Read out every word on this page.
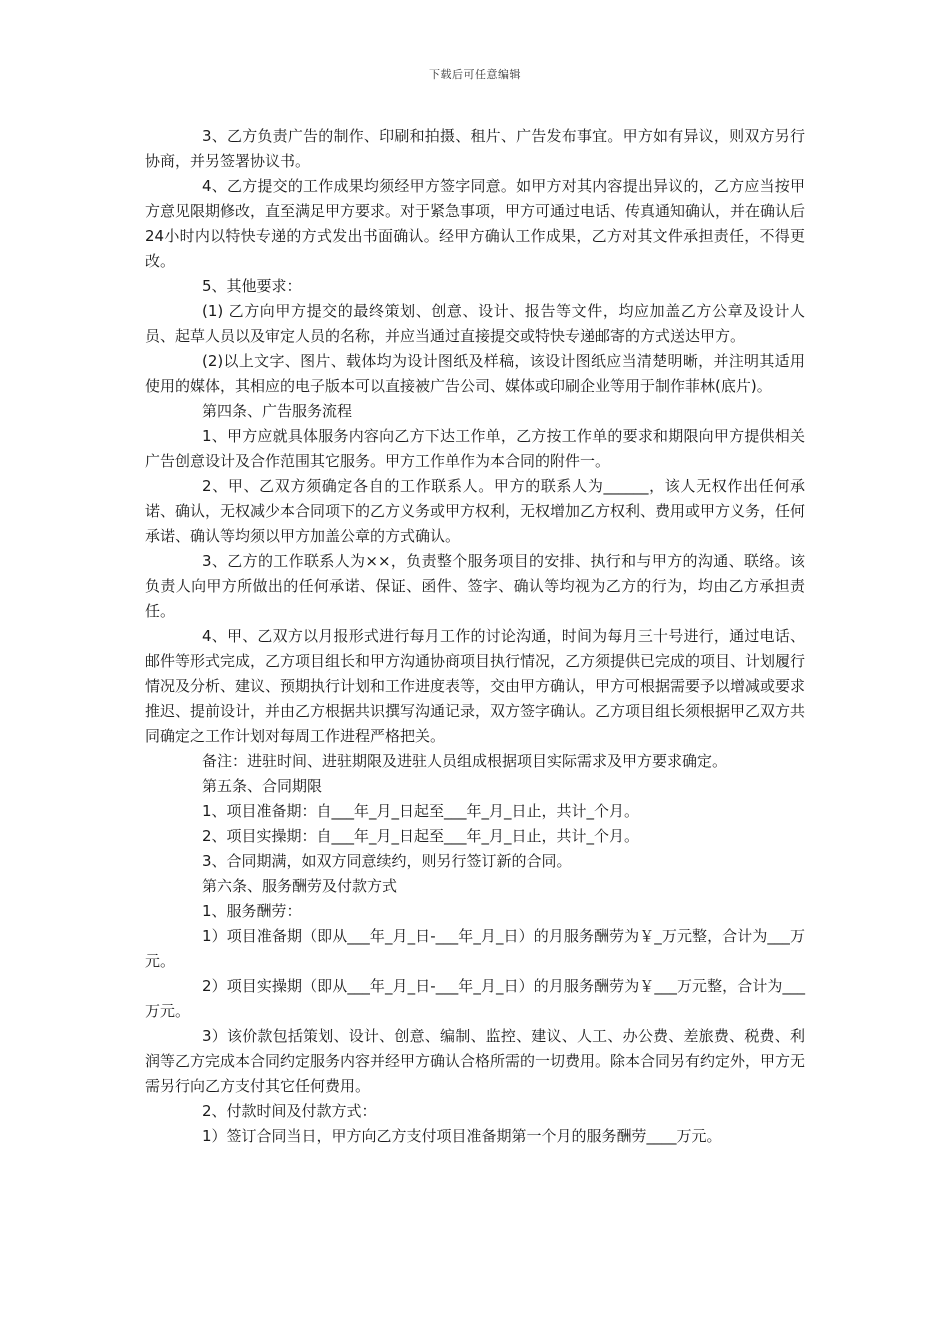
下载后可任意编辑

3、乙方负责广告的制作、印刷和拍摄、租片、广告发布事宜。甲方如有异议，则双方另行协商，并另签署协议书。

4、乙方提交的工作成果均须经甲方签字同意。如甲方对其内容提出异议的，乙方应当按甲方意见限期修改，直至满足甲方要求。对于紧急事项，甲方可通过电话、传真通知确认，并在确认后24小时内以特快专递的方式发出书面确认。经甲方确认工作成果，乙方对其文件承担责任，不得更改。

5、其他要求：

(1) 乙方向甲方提交的最终策划、创意、设计、报告等文件，均应加盖乙方公章及设计人员、起草人员以及审定人员的名称，并应当通过直接提交或特快专递邮寄的方式送达甲方。

(2)以上文字、图片、载体均为设计图纸及样稿，该设计图纸应当清楚明晰，并注明其适用使用的媒体，其相应的电子版本可以直接被广告公司、媒体或印刷企业等用于制作菲林(底片)。

第四条、广告服务流程

1、甲方应就具体服务内容向乙方下达工作单，乙方按工作单的要求和期限向甲方提供相关广告创意设计及合作范围其它服务。甲方工作单作为本合同的附件一。

2、甲、乙双方须确定各自的工作联系人。甲方的联系人为______，该人无权作出任何承诺、确认，无权减少本合同项下的乙方义务或甲方权利，无权增加乙方权利、费用或甲方义务，任何承诺、确认等均须以甲方加盖公章的方式确认。

3、乙方的工作联系人为××，负责整个服务项目的安排、执行和与甲方的沟通、联络。该负责人向甲方所做出的任何承诺、保证、函件、签字、确认等均视为乙方的行为，均由乙方承担责任。

4、甲、乙双方以月报形式进行每月工作的讨论沟通，时间为每月三十号进行，通过电话、邮件等形式完成，乙方项目组长和甲方沟通协商项目执行情况，乙方须提供已完成的项目、计划履行情况及分析、建议、预期执行计划和工作进度表等，交由甲方确认，甲方可根据需要予以增减或要求推迟、提前设计，并由乙方根据共识撰写沟通记录，双方签字确认。乙方项目组长须根据甲乙双方共同确定之工作计划对每周工作进程严格把关。

备注：进驻时间、进驻期限及进驻人员组成根据项目实际需求及甲方要求确定。

第五条、合同期限

1、项目准备期：自___年_月_日起至___年_月_日止，共计_个月。

2、项目实操期：自___年_月_日起至___年_月_日止，共计_个月。

3、合同期满，如双方同意续约，则另行签订新的合同。

第六条、服务酬劳及付款方式

1、服务酬劳：

1）项目准备期（即从___年_月_日-___年_月_日）的月服务酬劳为￥_万元整，合计为___万元。

2）项目实操期（即从___年_月_日-___年_月_日）的月服务酬劳为￥___万元整，合计为___万元。

3）该价款包括策划、设计、创意、编制、监控、建议、人工、办公费、差旅费、税费、利润等乙方完成本合同约定服务内容并经甲方确认合格所需的一切费用。除本合同另有约定外，甲方无需另行向乙方支付其它任何费用。

2、付款时间及付款方式：

1）签订合同当日，甲方向乙方支付项目准备期第一个月的服务酬劳____万元。
